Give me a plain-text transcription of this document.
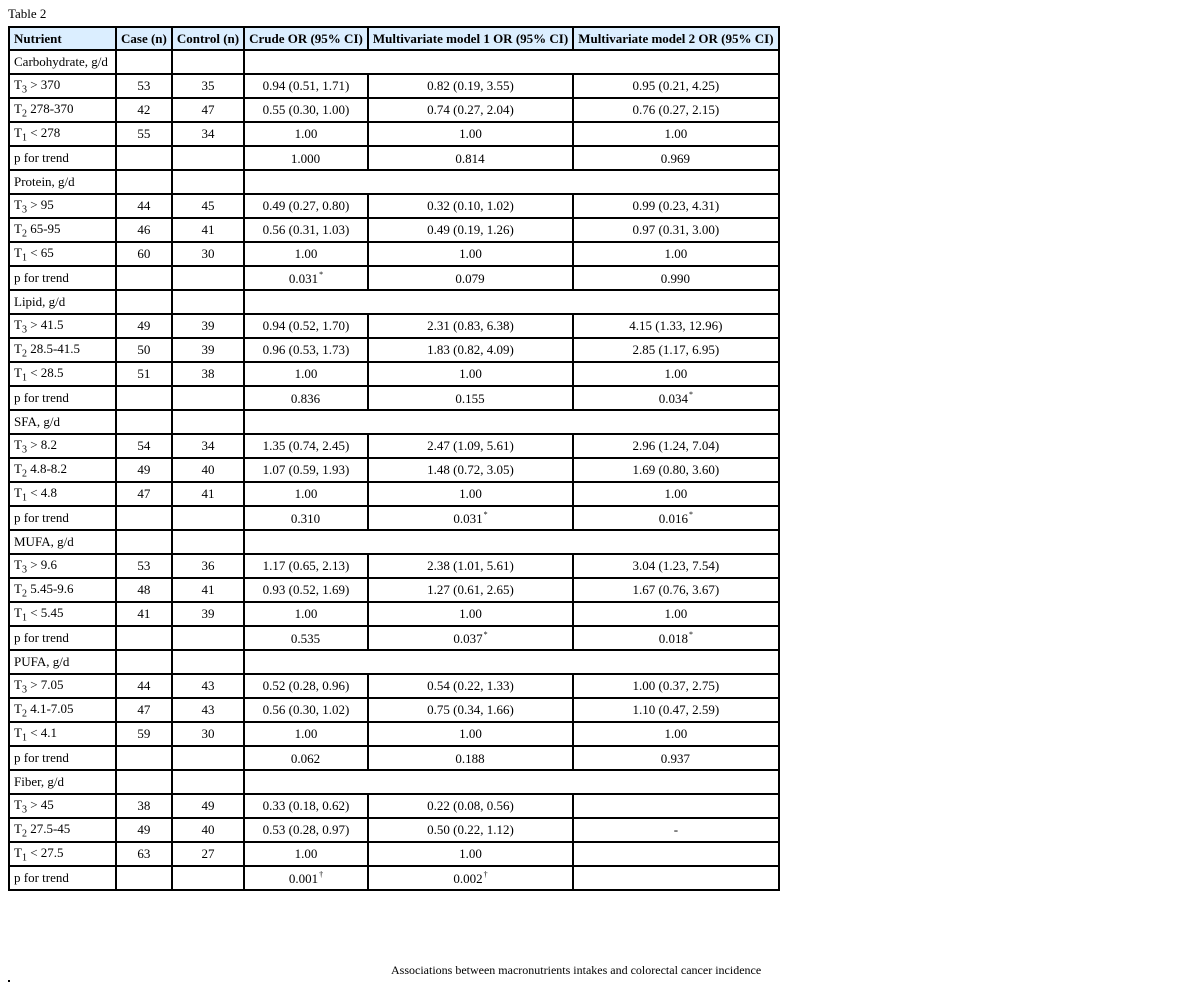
Table 2
Nutrient	Case (n)	Control (n)	Crude OR (95% CI)	Multivariate model 1 OR (95% CI)	Multivariate model 2 OR (95% CI)
Carbohydrate, g/d					
$T_3 > 370$	53	35	0.94 (0.51, 1.71)	0.82 (0.19, 3.55)	0.95 (0.21, 4.25)
$T_2$ 278-370	42	47	0.55 (0.30, 1.00)	0.74 (0.27, 2.04)	0.76 (0.27, 2.15)
$T_1 < 278$	55	34	1.00	1.00	1.00
p for trend			1.000	0.814	0.969
Protein, g/d					
$T_3 > 95$	44	45	0.49 (0.27, 0.80)	0.32 (0.10, 1.02)	0.99 (0.23, 4.31)
$T_2$ 65-95	46	41	0.56 (0.31, 1.03)	0.49 (0.19, 1.26)	0.97 (0.31, 3.00)
$T_1 < 65$	60	30	1.00	1.00	1.00
p for trend			0.031*	0.079	0.990
Lipid, g/d					
$T_3 > 41.5$	49	39	0.94 (0.52, 1.70)	2.31 (0.83, 6.38)	4.15 (1.33, 12.96)
$T_2$ 28.5-41.5	50	39	0.96 (0.53, 1.73)	1.83 (0.82, 4.09)	2.85 (1.17, 6.95)
$T_1 < 28.5$	51	38	1.00	1.00	1.00
p for trend			0.836	0.155	0.034*
SFA, g/d					
$T_3 > 8.2$	54	34	1.35 (0.74, 2.45)	2.47 (1.09, 5.61)	2.96 (1.24, 7.04)
$T_2$ 4.8-8.2	49	40	1.07 (0.59, 1.93)	1.48 (0.72, 3.05)	1.69 (0.80, 3.60)
$T_1 < 4.8$	47	41	1.00	1.00	1.00
p for trend			0.310	0.031*	0.016*
MUFA, g/d					
$T_3 > 9.6$	53	36	1.17 (0.65, 2.13)	2.38 (1.01, 5.61)	3.04 (1.23, 7.54)
$T_2$ 5.45-9.6	48	41	0.93 (0.52, 1.69)	1.27 (0.61, 2.65)	1.67 (0.76, 3.67)
$T_1 < 5.45$	41	39	1.00	1.00	1.00
p for trend			0.535	0.037*	0.018*
PUFA, g/d					
$T_3 > 7.05$	44	43	0.52 (0.28, 0.96)	0.54 (0.22, 1.33)	1.00 (0.37, 2.75)
$T_2$ 4.1-7.05	47	43	0.56 (0.30, 1.02)	0.75 (0.34, 1.66)	1.10 (0.47, 2.59)
$T_1 < 4.1$	59	30	1.00	1.00	1.00
p for trend			0.062	0.188	0.937
Fiber, g/d					
$T_3 > 45$	38	49	0.33 (0.18, 0.62)	0.22 (0.08, 0.56)	
$T_2$ 27.5-45	49	40	0.53 (0.28, 0.97)	0.50 (0.22, 1.12)	-
$T_1 < 27.5$	63	27	1.00	1.00	
p for trend			0.001†	0.002†	
Associations between macronutrients intakes and colorectal cancer incidence
